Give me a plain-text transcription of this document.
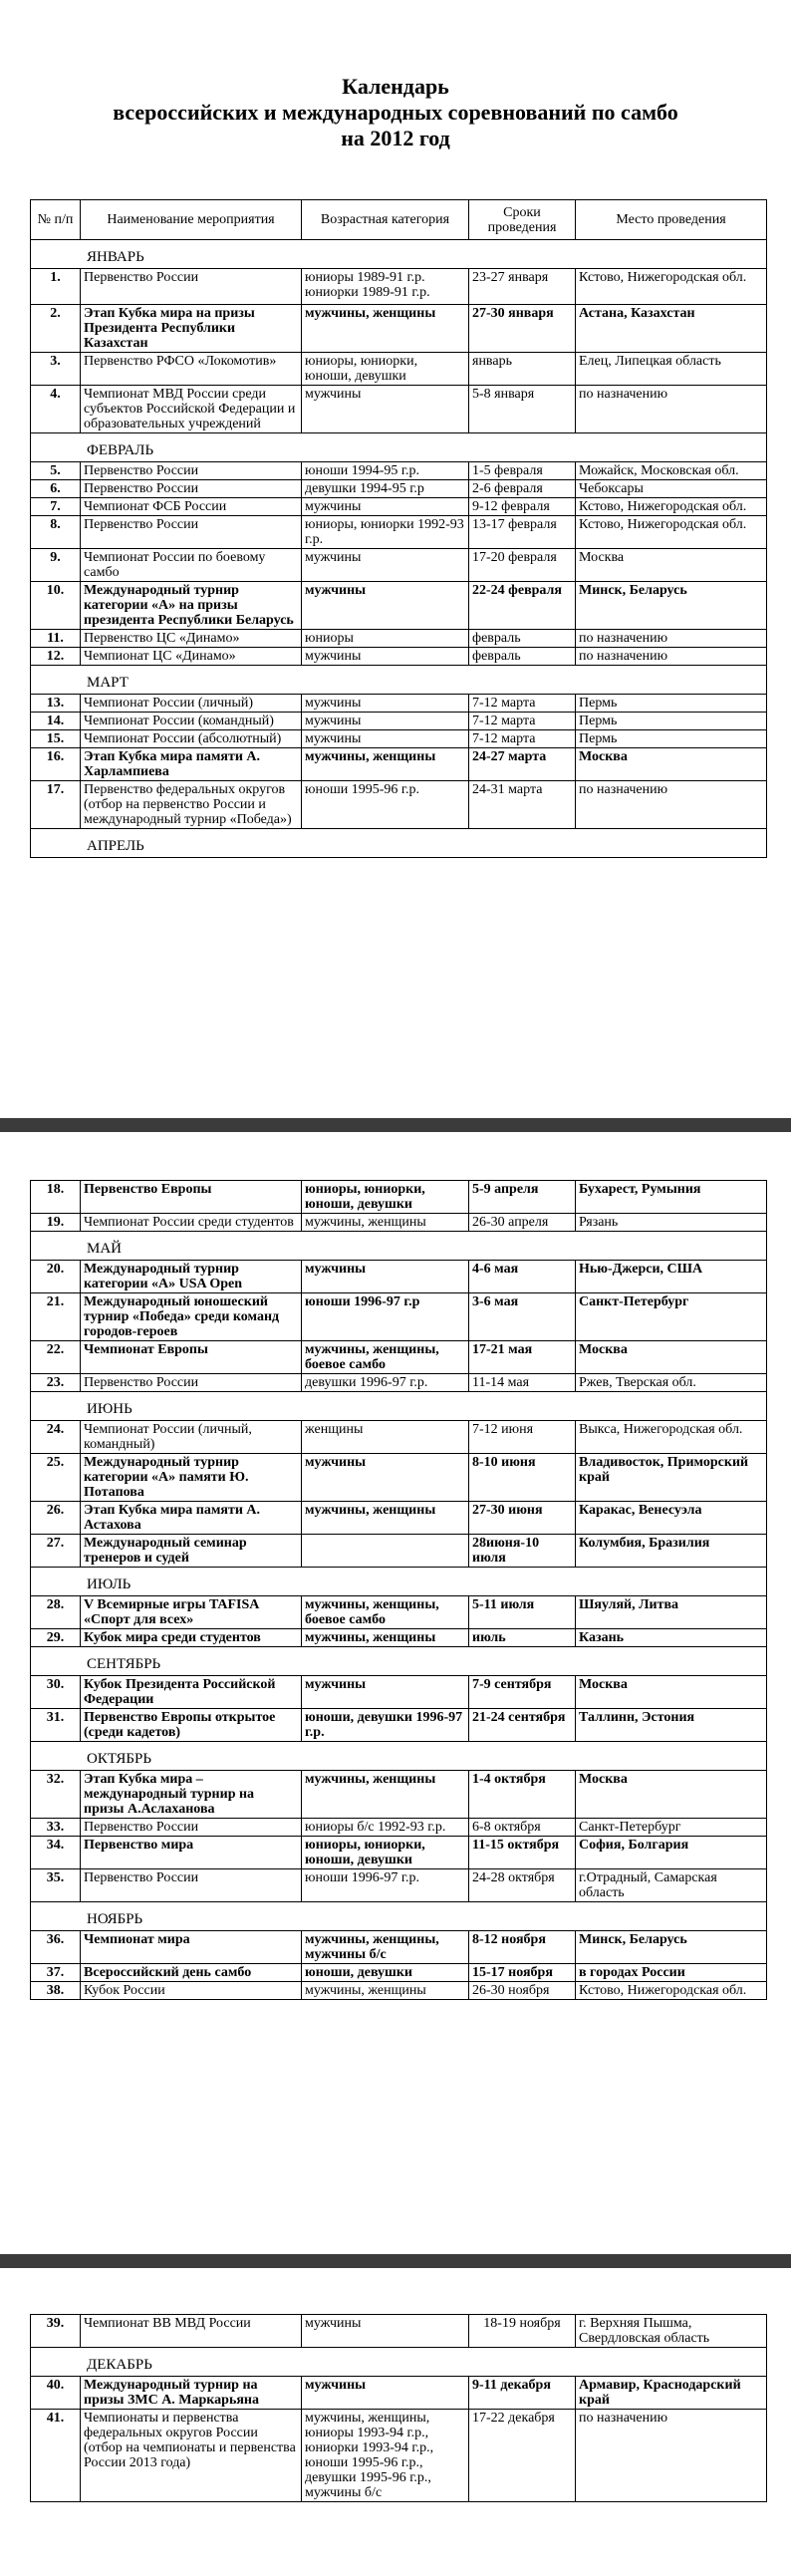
Календарь
всероссийских и международных соревнований по самбо
на 2012 год
№ п/п	Наименование мероприятия	Возрастная категория	Сроки проведения	Место проведения
ЯНВАРЬ				
1.	Первенство России	юниоры 1989-91 г.р. юниорки 1989-91 г.р.	23-27 января	Кстово, Нижегородская обл.
2.	Этап Кубка мира на призы Президента Республики Казахстан	мужчины, женщины	27-30 января	Астана, Казахстан
3.	Первенство РФСО «Локомотив»	юниоры, юниорки, юноши, девушки	январь	Елец, Липецкая область
4.	Чемпионат МВД России среди субъектов Российской Федерации и образовательных учреждений	мужчины	5-8 января	по назначению
ФЕВРАЛЬ				
5.	Первенство России	юноши 1994-95 г.р.	1-5 февраля	Можайск, Московская обл.
6.	Первенство России	девушки 1994-95 г.р	2-6 февраля	Чебоксары
7.	Чемпионат ФСБ России	мужчины	9-12 февраля	Кстово, Нижегородская обл.
8.	Первенство России	юниоры, юниорки 1992-93 г.р.	13-17 февраля	Кстово, Нижегородская обл.
9.	Чемпионат России по боевому самбо	мужчины	17-20 февраля	Москва
10.	Международный турнир категории «А» на призы президента Республики Беларусь	мужчины	22-24 февраля	Минск, Беларусь
11.	Первенство ЦС «Динамо»	юниоры	февраль	по назначению
12.	Чемпионат ЦС «Динамо»	мужчины	февраль	по назначению
МАРТ				
13.	Чемпионат России (личный)	мужчины	7-12 марта	Пермь
14.	Чемпионат России (командный)	мужчины	7-12 марта	Пермь
15.	Чемпионат России (абсолютный)	мужчины	7-12 марта	Пермь
16.	Этап Кубка мира памяти А. Харлампиева	мужчины, женщины	24-27 марта	Москва
17.	Первенство федеральных округов (отбор на первенство России и международный турнир «Победа»)	юноши 1995-96 г.р.	24-31 марта	по назначению
АПРЕЛЬ				
18.	Первенство Европы	юниоры, юниорки, юноши, девушки	5-9 апреля	Бухарест, Румыния
19.	Чемпионат России среди студентов	мужчины, женщины	26-30 апреля	Рязань
МАЙ				
20.	Международный турнир категории «А» USA Open	мужчины	4-6 мая	Нью-Джерси, США
21.	Международный юношеский турнир «Победа» среди команд городов-героев	юноши 1996-97 г.р	3-6 мая	Санкт-Петербург
22.	Чемпионат Европы	мужчины, женщины, боевое самбо	17-21 мая	Москва
23.	Первенство России	девушки 1996-97 г.р.	11-14 мая	Ржев, Тверская обл.
ИЮНЬ				
24.	Чемпионат России (личный, командный)	женщины	7-12 июня	Выкса, Нижегородская обл.
25.	Международный турнир категории «А» памяти Ю. Потапова	мужчины	8-10 июня	Владивосток, Приморский край
26.	Этап Кубка мира памяти А. Астахова	мужчины, женщины	27-30 июня	Каракас, Венесуэла
27.	Международный семинар тренеров и судей		28июня-10 июля	Колумбия, Бразилия
ИЮЛЬ				
28.	V Всемирные игры TAFISA «Спорт для всех»	мужчины, женщины, боевое самбо	5-11 июля	Шяуляй, Литва
29.	Кубок мира среди студентов	мужчины, женщины	июль	Казань
СЕНТЯБРЬ				
30.	Кубок Президента Российской Федерации	мужчины	7-9 сентября	Москва
31.	Первенство Европы открытое (среди кадетов)	юноши, девушки 1996-97 г.р.	21-24 сентября	Таллинн, Эстония
ОКТЯБРЬ				
32.	Этап Кубка мира – международный турнир на призы А.Аслаханова	мужчины, женщины	1-4 октября	Москва
33.	Первенство России	юниоры б/с 1992-93 г.р.	6-8 октября	Санкт-Петербург
34.	Первенство мира	юниоры, юниорки, юноши, девушки	11-15 октября	София, Болгария
35.	Первенство России	юноши 1996-97 г.р.	24-28 октября	г.Отрадный, Самарская область
НОЯБРЬ				
36.	Чемпионат мира	мужчины, женщины, мужчины б/с	8-12 ноября	Минск, Беларусь
37.	Всероссийский день самбо	юноши, девушки	15-17 ноября	в городах России
38.	Кубок России	мужчины, женщины	26-30 ноября	Кстово, Нижегородская обл.
39.	Чемпионат ВВ МВД России	мужчины	18-19 ноября	г. Верхняя Пышма, Свердловская область
ДЕКАБРЬ				
40.	Международный турнир на призы ЗМС А. Маркарьяна	мужчины	9-11 декабря	Армавир, Краснодарский край
41.	Чемпионаты и первенства федеральных округов России (отбор на чемпионаты и первенства России 2013 года)	мужчины, женщины, юниоры 1993-94 г.р., юниорки 1993-94 г.р., юноши 1995-96 г.р., девушки 1995-96 г.р., мужчины б/с	17-22 декабря	по назначению
